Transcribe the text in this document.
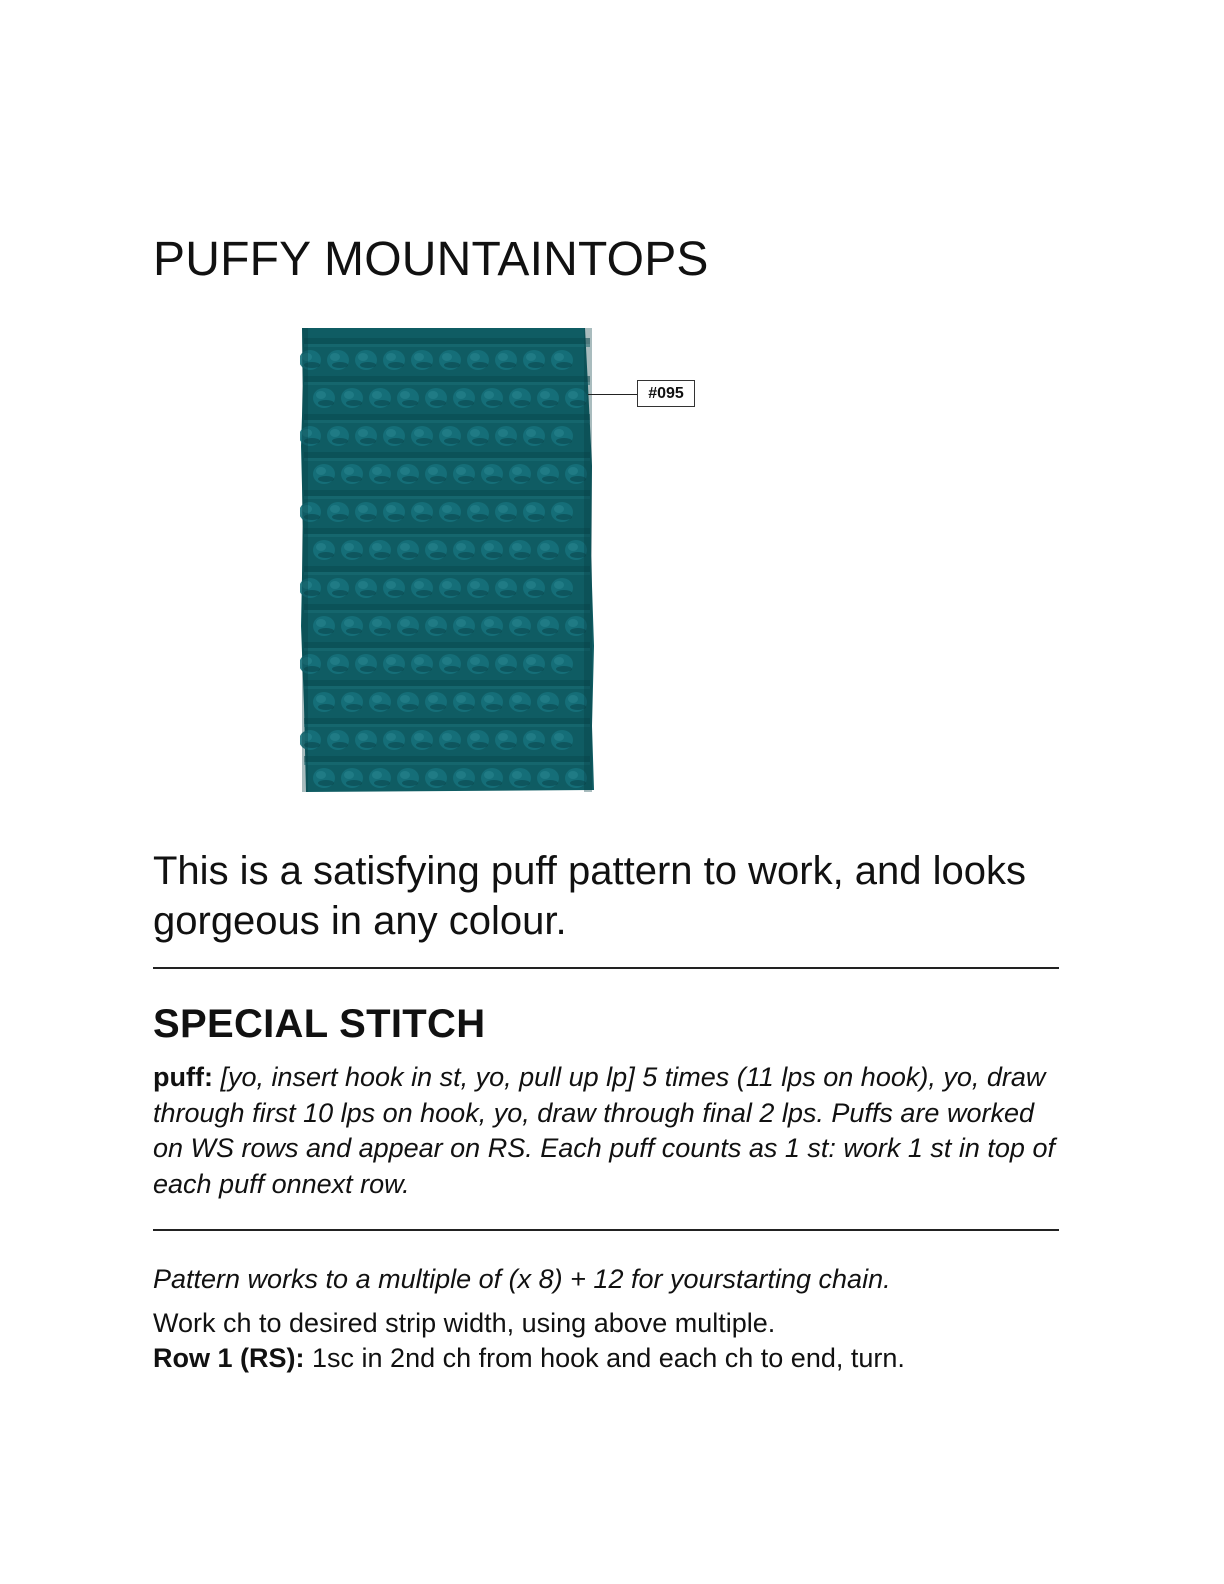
PUFFY MOUNTAINTOPS
#095

This is a satisfying puff pattern to work, and looks gorgeous in any colour.

SPECIAL STITCH

puff: [yo, insert hook in st, yo, pull up lp] 5 times (11 lps on hook), yo, draw through first 10 lps on hook, yo, draw through final 2 lps. Puffs are worked on WS rows and appear on RS. Each puff counts as 1 st: work 1 st in top of each puff onnext row.

Pattern works to a multiple of (x 8) + 12 for yourstarting chain.

Work ch to desired strip width, using above multiple.

Row 1 (RS): 1sc in 2nd ch from hook and each ch to end, turn.
